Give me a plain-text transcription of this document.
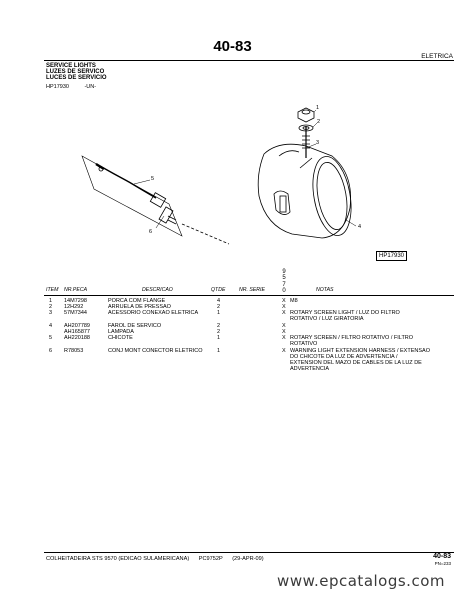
40-83
ELETRICA
SERVICE LIGHTS
LUZES DE SERVICO
LUCES DE SERVICIO
HP17930	-UN-
1
2
3
4
5
6
HP17930
9
5
7
0
ITEM NR.PECA	DESCRICAO	QTDE	NR. SERIE	NOTAS
1 14M7298	PORCA COM FLANGE	4	X M8
2 12H292	ARRUELA DE PRESSAO	2	X
3 57M7344	ACESSORIO CONEXAO ELETRICA	1	X ROTARY SCREEN LIGHT / LUZ DO FILTRO
ROTATIVO / LUZ GIRATORIA
4 AH207789	FAROL DE SERVICO	2	X
AH165877	LAMPADA	2	X
5 AH220188	CHICOTE	1	X ROTARY SCREEN / FILTRO ROTATIVO / FILTRO
ROTATIVO
6 R78053	CONJ MONT CONECTOR ELETRICO	1	X WARNING LIGHT EXTENSION HARNESS / EXTENSAO
DO CHICOTE DA LUZ DE ADVERTENCIA /
EXTENSION DEL MAZO DE CABLES DE LA LUZ DE
ADVERTENCIA
COLHEITADEIRA STS 9570 (EDICAO SULAMERICANA) PC9752P (29-APR-09)	40-83
PN=233
www.epcatalogs.com
